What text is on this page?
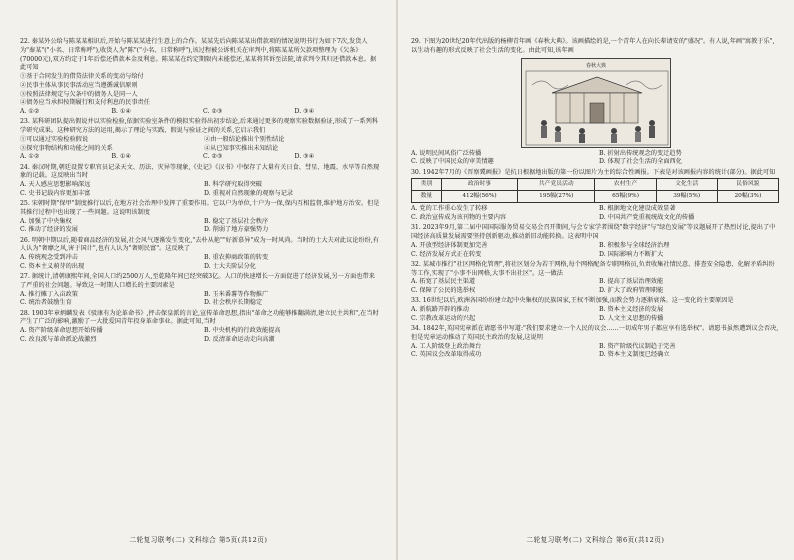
22. 秦某外公给与陈某某相识后,开始与陈某某进行生意上的合作。某某先后向陈某某出借款项的情况说明书行为如下7次,发货人为"秦某"("小名、日常称呼"),收货人为"陈"("小名、日常称呼"),该过程被公诉机关在审判中,将陈某某所欠款项整理为《欠条》(70000元),双方约定于1年后偿还借款本金及利息。陈某某在约定期限内未能偿还,某某将其诉至法院,请求判令其归还借款本息。据此可知
①基于合同发生的借贷法律关系的变动与给付
②民事主体从事民事活动应当遵循诚信原则
③按照法律规定与欠条中的债务人是同一人
④债务应当承担按期履行和支付利息的民事责任
A. ①②	B. ①④	C. ②③	D. ③④
23. 某科研团队提出假说并以实验检验,依据实验室条件的模拟实验得出初步结论,后来通过更多的观察实验数据验证,形成了一系列科学研究成果。这种研究方法的运用,揭示了理论与实践、假说与验证之间的关系,它启示我们
①可以通过实验检验假说	②由一般结论推出个别性结论
③探究事物结构和功能之间的关系	④从已知事实推出未知结论
A. ①②	B. ①④	C. ②③	D. ③④
24. 秦汉时期,朝廷设置专职官员记录天文、历法、灾异等现象,《史记》《汉书》中保存了大量有关日食、彗星、地震、水旱等自然现象的记载。这反映出当时
A. 天人感应思想影响深远	B. 科学研究取得突破
C. 史书记载内容更加丰富	D. 重视对自然现象的观察与记录
25. 宋朝时期"保甲"制度推行以后,在地方社会治理中发挥了重要作用。它以户为单位,十户为一保,保内互相监督,维护地方治安。但是其推行过程中也出现了一些问题。这说明该制度
A. 加强了中央集权	B. 稳定了基层社会秩序
C. 推动了经济的发展	D. 削弱了地方豪强势力
26. 明朝中期以后,随着商品经济的发展,社会风气逐渐发生变化,"去朴从艳""好新慕异"成为一时风尚。当时的士大夫对此议论纷纷,有人认为"奢靡之风,害于国计",也有人认为"奢则民富"。这反映了
A. 传统观念受到冲击	B. 重农抑商政策的转变
C. 资本主义萌芽的出现	D. 士大夫阶层分化
27. 据统计,清朝康熙年间,全国人口约2500万人,至乾隆年间已经突破3亿。人口的快速增长一方面促进了经济发展,另一方面也带来了严重的社会问题。导致这一时期人口增长的主要因素是
A. 推行摊丁入亩政策	B. 玉米番薯等作物推广
C. 统治者鼓励生育	D. 社会秩序长期稳定
28. 1903年章炳麟发表《驳康有为论革命书》,抨击保皇派的言论,宣传革命思想,指出"革命之功能够推翻满清,建立民主共和",在当时产生了广泛的影响,激励了一大批爱国青年投身革命事业。据此可知,当时
A. 资产阶级革命思想开始传播	B. 中央机构的行政效能提高
C. 改良派与革命派论战激烈	D. 反清革命运动走向高潮
二轮复习联考(二) 文科综合 第5页(共12页)
29. 下图为20世纪20年代出版的杨柳青年画《春秋大典》。该画描绘的是,一个青年人在向长辈请安的"盛况"。有人说,年画"寓教于乐",以生动有趣的形式反映了社会生活的变化。由此可知,该年画
春秋大典
A. 说明民间风俗广泛传播	B. 折射出传统观念的变迁趋势
C. 反映了中国民众的审美情趣	D. 体现了社会生活的全面西化
30. 1942年7月的《晋察冀画报》是抗日根据地出版的第一份以图片为主的综合性画报。下表是对该画报内容的统计(部分)。据此可知
类别	政治时事	共产党员活动	农村生产	文化生活	民俗风貌
数量	412幅(56%)	195幅(27%)	65幅(9%)	39幅(5%)	20幅(3%)
A. 党的工作重心发生了转移	B. 根据地文化建设成效显著
C. 政治宣传成为该刊物的主要内容	D. 中国共产党重视统战文化的传播
31. 2023年9月,第二届中国国际服务贸易交易会召开期间,与会专家学者围绕"数字经济"与"绿色发展"等议题展开了热烈讨论,提出了中国经济高质量发展需要坚持创新驱动,推动新旧动能转换。这表明中国
A. 开放型经济体制更加完善	B. 积极参与全球经济治理
C. 经济发展方式正在转变	D. 国际影响力不断扩大
32. 某城市推行"社区网格化管理",将社区划分为若干网格,每个网格配备专职网格员,负责收集社情民意、排查安全隐患、化解矛盾纠纷等工作,实现了"小事不出网格,大事不出社区"。这一做法
A. 拓宽了基层民主渠道	B. 提高了基层治理效能
C. 保障了公民的选举权	D. 扩大了政府管理职能
33. 16世纪以后,欧洲各国纷纷建立起中央集权的民族国家,王权不断加强,而教会势力逐渐衰落。这一变化的主要原因是
A. 新航路开辟的推动	B. 资本主义经济的发展
C. 宗教改革运动的兴起	D. 人文主义思想的传播
34. 1842年,英国宪章派在请愿书中写道:"我们要求建立一个人民的议会……一切成年男子都应享有选举权"。请愿书虽然遭到议会否决,但是宪章运动推动了英国民主政治的发展,这说明
A. 工人阶级登上政治舞台	B. 资产阶级代议制趋于完善
C. 英国议会改革取得成功	D. 资本主义制度已经确立
二轮复习联考(二) 文科综合 第6页(共12页)
